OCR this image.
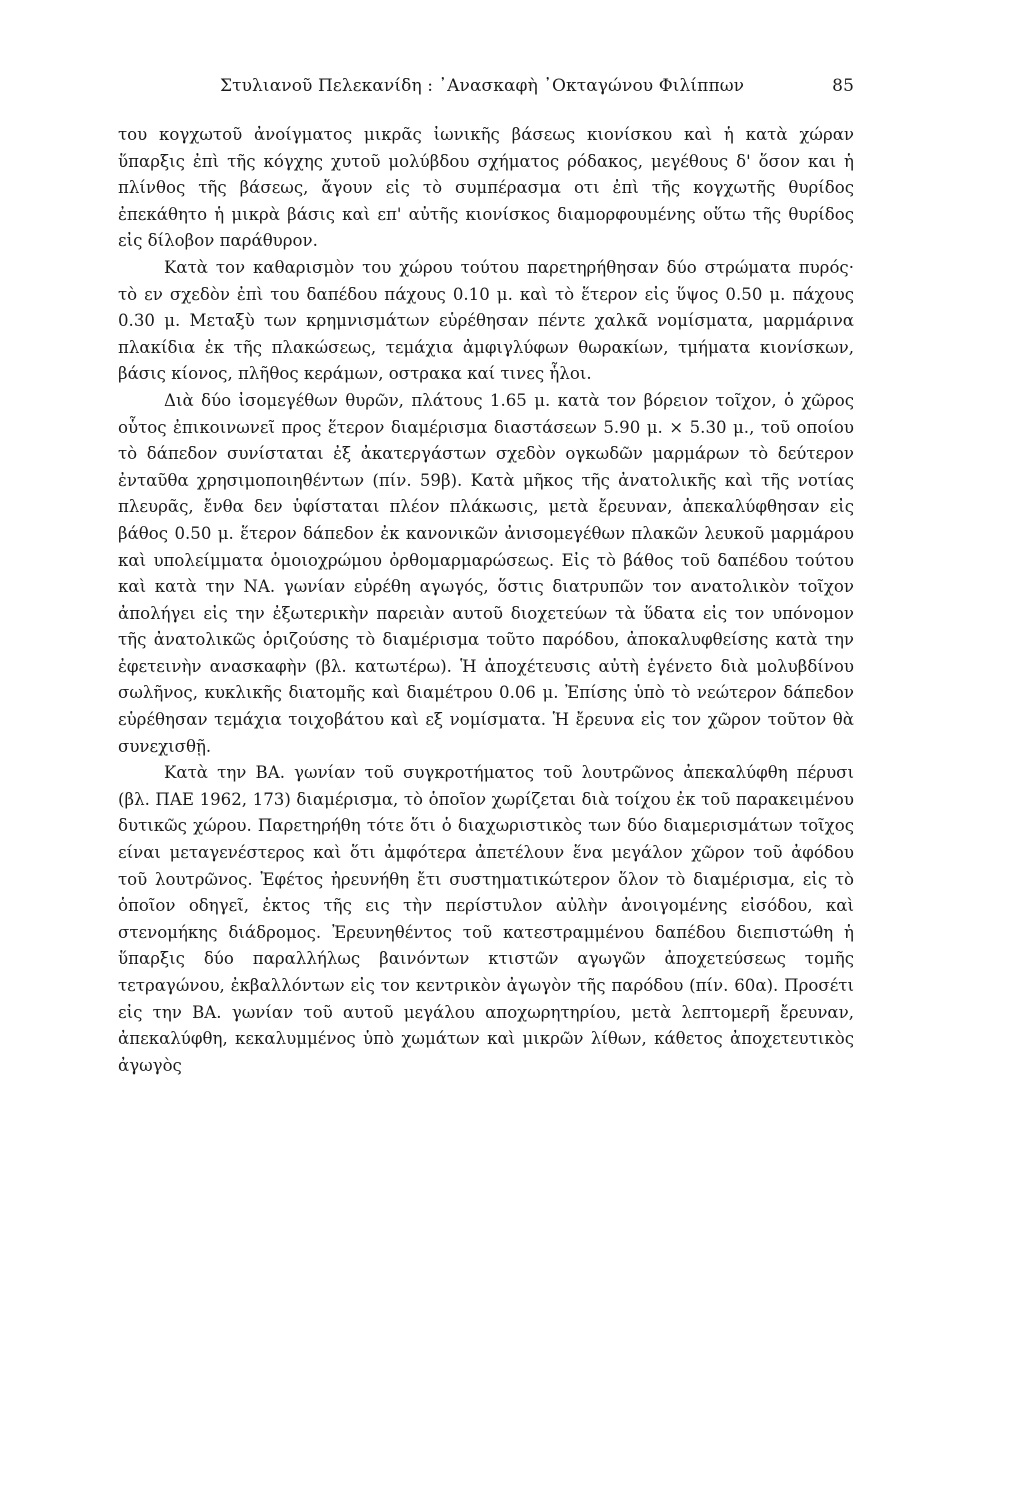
Στυλιανοῦ Πελεκανίδη : ᾿Ανασκαφὴ ᾿Οκταγώνου Φιλίππων	85

του κογχωτοῦ ἀνοίγματος μικρᾶς ἰωνικῆς βάσεως κιονίσκου καὶ ἡ κατὰ χώραν ὕπαρξις ἐπὶ τῆς κόγχης χυτοῦ μολύβδου σχήματος ρόδακος, μεγέθους δ' ὅσον και ἡ πλίνθος τῆς βάσεως, ἄγουν εἰς τὸ συμπέρασμα οτι ἐπὶ τῆς κογχωτῆς θυρίδος ἐπεκάθητο ἡ μικρὰ βάσις καὶ επ' αὐτῆς κιονίσκος διαμορφουμένης οὕτω τῆς θυρίδος εἰς δίλοβον παράθυρον.

Κατὰ τον καθαρισμὸν του χώρου τούτου παρετηρήθησαν δύο στρώματα πυρός· τὸ εν σχεδὸν ἐπὶ του δαπέδου πάχους 0.10 μ. καὶ τὸ ἕτερον εἰς ὕψος 0.50 μ. πάχους 0.30 μ. Μεταξὺ των κρημνισμάτων εὑρέθησαν πέντε χαλκᾶ νομίσματα, μαρμάρινα πλακίδια ἐκ τῆς πλακώσεως, τεμάχια ἀμφιγλύφων θωρακίων, τμήματα κιονίσκων, βάσις κίονος, πλῆθος κεράμων, οστρακα καί τινες ἧλοι.

Διὰ δύο ἰσομεγέθων θυρῶν, πλάτους 1.65 μ. κατὰ τον βόρειον τοῖχον, ὁ χῶρος οὗτος ἐπικοινωνεῖ προς ἕτερον διαμέρισμα διαστάσεων 5.90 μ. × 5.30 μ., τοῦ οποίου τὸ δάπεδον συνίσταται ἐξ ἀκατεργάστων σχεδὸν ογκωδῶν μαρμάρων τὸ δεύτερον ἐνταῦθα χρησιμοποιηθέντων (πίν. 59β). Κατὰ μῆκος τῆς ἀνατολικῆς καὶ τῆς νοτίας πλευρᾶς, ἔνθα δεν ὑφίσταται πλέον πλάκωσις, μετὰ ἔρευναν, ἀπεκαλύφθησαν εἰς βάθος 0.50 μ. ἕτερον δάπεδον ἐκ κανονικῶν ἀνισομεγέθων πλακῶν λευκοῦ μαρμάρου καὶ υπολείμματα ὁμοιοχρώμου ὀρθομαρμαρώσεως. Εἰς τὸ βάθος τοῦ δαπέδου τούτου καὶ κατὰ την ΝΑ. γωνίαν εὑρέθη αγωγός, ὅστις διατρυπῶν τον ανατολικὸν τοῖχον ἀπολήγει εἰς την ἐξωτερικὴν παρειὰν αυτοῦ διοχετεύων τὰ ὕδατα εἰς τον υπόνομον τῆς ἀνατολικῶς ὁριζούσης τὸ διαμέρισμα τοῦτο παρόδου, ἀποκαλυφθείσης κατὰ την ἐφετεινὴν ανασκαφὴν (βλ. κατωτέρω). Ἡ ἀποχέτευσις αὐτὴ ἐγένετο διὰ μολυβδίνου σωλῆνος, κυκλικῆς διατομῆς καὶ διαμέτρου 0.06 μ. Ἐπίσης ὑπὸ τὸ νεώτερον δάπεδον εὑρέθησαν τεμάχια τοιχοβάτου καὶ εξ νομίσματα. Ἡ ἔρευνα εἰς τον χῶρον τοῦτον θὰ συνεχισθῇ.

Κατὰ την ΒΑ. γωνίαν τοῦ συγκροτήματος τοῦ λουτρῶνος ἀπεκαλύφθη πέρυσι (βλ. ΠΑΕ 1962, 173) διαμέρισμα, τὸ ὁποῖον χωρίζεται διὰ τοίχου ἐκ τοῦ παρακειμένου δυτικῶς χώρου. Παρετηρήθη τότε ὅτι ὁ διαχωριστικὸς των δύο διαμερισμάτων τοῖχος είναι μεταγενέστερος καὶ ὅτι ἀμφότερα ἀπετέλουν ἕνα μεγάλον χῶρον τοῦ ἀφόδου τοῦ λουτρῶνος. Ἐφέτος ἠρευνήθη ἔτι συστηματικώτερον ὅλον τὸ διαμέρισμα, εἰς τὸ ὁποῖον οδηγεῖ, ἐκτος τῆς εις τὴν περίστυλον αὐλὴν ἀνοιγομένης εἰσόδου, καὶ στενομήκης διάδρομος. Ἐρευνηθέντος τοῦ κατεστραμμένου δαπέδου διεπιστώθη ἡ ὕπαρξις δύο παραλλήλως βαινόντων κτιστῶν αγωγῶν ἀποχετεύσεως τομῆς τετραγώνου, ἐκβαλλόντων εἰς τον κεντρικὸν ἀγωγὸν τῆς παρόδου (πίν. 60α). Προσέτι εἰς την ΒΑ. γωνίαν τοῦ αυτοῦ μεγάλου αποχωρητηρίου, μετὰ λεπτομερῆ ἔρευναν, ἀπεκαλύφθη, κεκαλυμμένος ὑπὸ χωμάτων καὶ μικρῶν λίθων, κάθετος ἀποχετευτικὸς ἀγωγὸς
